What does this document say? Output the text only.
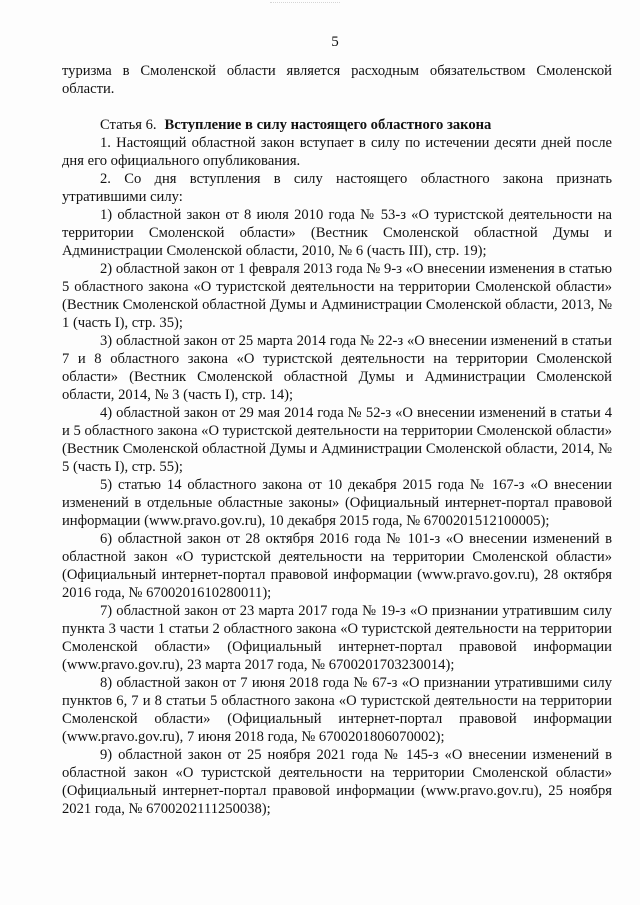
5

туризма в Смоленской области является расходным обязательством Смоленской области.

Статья 6. Вступление в силу настоящего областного закона

1. Настоящий областной закон вступает в силу по истечении десяти дней после дня его официального опубликования.

2. Со дня вступления в силу настоящего областного закона признать утратившими силу:

1) областной закон от 8 июля 2010 года № 53-з «О туристской деятельности на территории Смоленской области» (Вестник Смоленской областной Думы и Администрации Смоленской области, 2010, № 6 (часть III), стр. 19);

2) областной закон от 1 февраля 2013 года № 9-з «О внесении изменения в статью 5 областного закона «О туристской деятельности на территории Смоленской области» (Вестник Смоленской областной Думы и Администрации Смоленской области, 2013, № 1 (часть I), стр. 35);

3) областной закон от 25 марта 2014 года № 22-з «О внесении изменений в статьи 7 и 8 областного закона «О туристской деятельности на территории Смоленской области» (Вестник Смоленской областной Думы и Администрации Смоленской области, 2014, № 3 (часть I), стр. 14);

4) областной закон от 29 мая 2014 года № 52-з «О внесении изменений в статьи 4 и 5 областного закона «О туристской деятельности на территории Смоленской области» (Вестник Смоленской областной Думы и Администрации Смоленской области, 2014, № 5 (часть I), стр. 55);

5) статью 14 областного закона от 10 декабря 2015 года № 167-з «О внесении изменений в отдельные областные законы» (Официальный интернет-портал правовой информации (www.pravo.gov.ru), 10 декабря 2015 года, № 6700201512100005);

6) областной закон от 28 октября 2016 года № 101-з «О внесении изменений в областной закон «О туристской деятельности на территории Смоленской области» (Официальный интернет-портал правовой информации (www.pravo.gov.ru), 28 октября 2016 года, № 6700201610280011);

7) областной закон от 23 марта 2017 года № 19-з «О признании утратившим силу пункта 3 части 1 статьи 2 областного закона «О туристской деятельности на территории Смоленской области» (Официальный интернет-портал правовой информации (www.pravo.gov.ru), 23 марта 2017 года, № 6700201703230014);

8) областной закон от 7 июня 2018 года № 67-з «О признании утратившими силу пунктов 6, 7 и 8 статьи 5 областного закона «О туристской деятельности на территории Смоленской области» (Официальный интернет-портал правовой информации (www.pravo.gov.ru), 7 июня 2018 года, № 6700201806070002);

9) областной закон от 25 ноября 2021 года № 145-з «О внесении изменений в областной закон «О туристской деятельности на территории Смоленской области» (Официальный интернет-портал правовой информации (www.pravo.gov.ru), 25 ноября 2021 года, № 6700202111250038);
